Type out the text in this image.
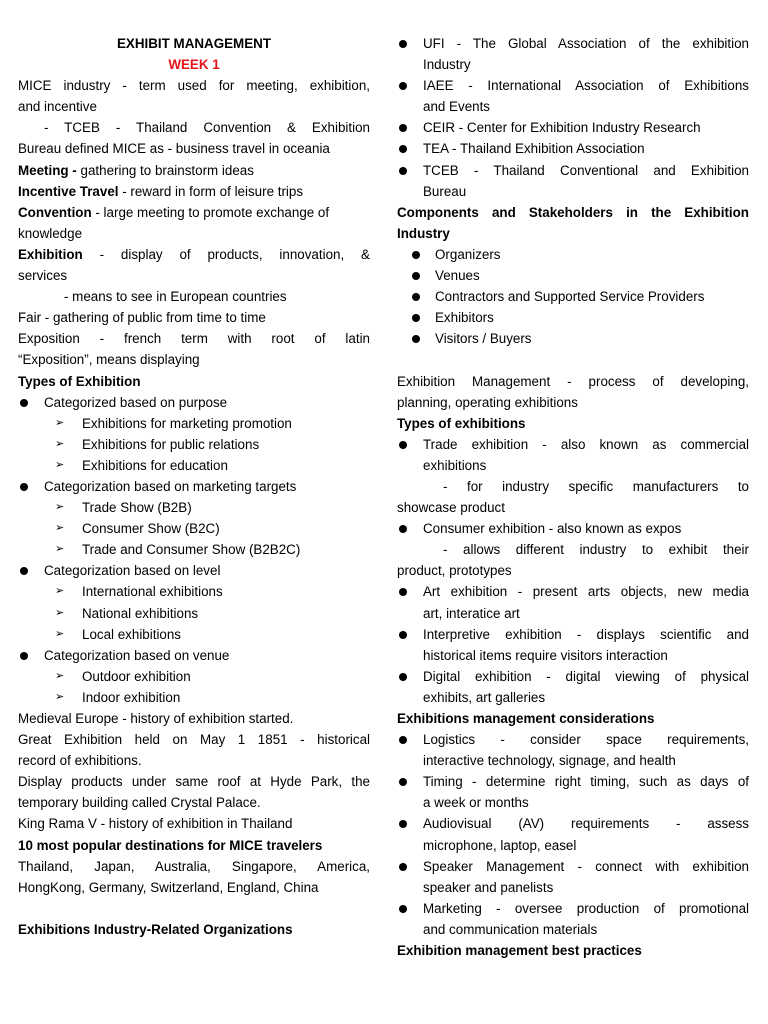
EXHIBIT MANAGEMENT
WEEK 1
MICE industry - term used for meeting, exhibition,
and incentive
- TCEB - Thailand Convention & Exhibition
Bureau defined MICE as - business travel in oceania
Meeting - gathering to brainstorm ideas
Incentive Travel - reward in form of leisure trips
Convention - large meeting to promote exchange of
knowledge
Exhibition - display of products, innovation, &
services
- means to see in European countries
Fair - gathering of public from time to time
Exposition - french term with root of latin
“Exposition”, means displaying
Types of Exhibition
Categorized based on purpose
➢ Exhibitions for marketing promotion
➢ Exhibitions for public relations
➢ Exhibitions for education
Categorization based on marketing targets
➢ Trade Show (B2B)
➢ Consumer Show (B2C)
➢ Trade and Consumer Show (B2B2C)
Categorization based on level
➢ International exhibitions
➢ National exhibitions
➢ Local exhibitions
Categorization based on venue
➢ Outdoor exhibition
➢ Indoor exhibition
Medieval Europe - history of exhibition started.
Great Exhibition held on May 1 1851 - historical
record of exhibitions.
Display products under same roof at Hyde Park, the
temporary building called Crystal Palace.
King Rama V - history of exhibition in Thailand
10 most popular destinations for MICE travelers
Thailand, Japan, Australia, Singapore, America,
HongKong, Germany, Switzerland, England, China
Exhibitions Industry-Related Organizations
UFI - The Global Association of the exhibition
Industry
IAEE - International Association of Exhibitions
and Events
CEIR - Center for Exhibition Industry Research
TEA - Thailand Exhibition Association
TCEB - Thailand Conventional and Exhibition
Bureau
Components and Stakeholders in the Exhibition
Industry
Organizers
Venues
Contractors and Supported Service Providers
Exhibitors
Visitors / Buyers
Exhibition Management - process of developing,
planning, operating exhibitions
Types of exhibitions
Trade exhibition - also known as commercial
exhibitions
- for industry specific manufacturers to
showcase product
Consumer exhibition - also known as expos
- allows different industry to exhibit their
product, prototypes
Art exhibition - present arts objects, new media
art, interatice art
Interpretive exhibition - displays scientific and
historical items require visitors interaction
Digital exhibition - digital viewing of physical
exhibits, art galleries
Exhibitions management considerations
Logistics - consider space requirements,
interactive technology, signage, and health
Timing - determine right timing, such as days of
a week or months
Audiovisual (AV) requirements - assess
microphone, laptop, easel
Speaker Management - connect with exhibition
speaker and panelists
Marketing - oversee production of promotional
and communication materials
Exhibition management best practices
